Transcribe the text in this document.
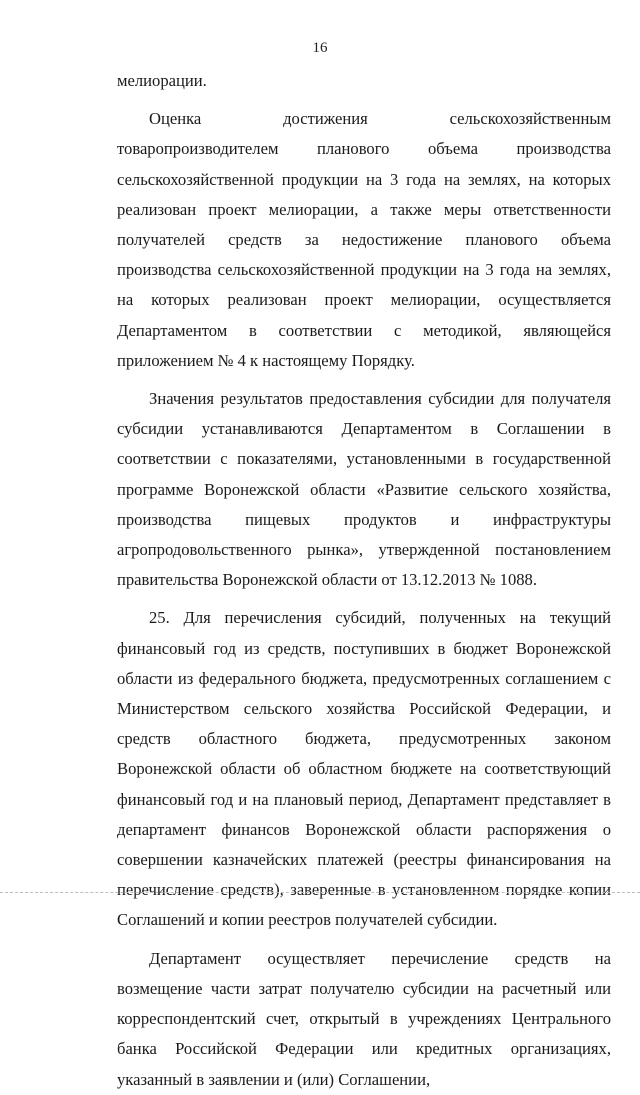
16

мелиорации.

Оценка достижения сельскохозяйственным товаропроизводителем планового объема производства сельскохозяйственной продукции на 3 года на землях, на которых реализован проект мелиорации, а также меры ответственности получателей средств за недостижение планового объема производства сельскохозяйственной продукции на 3 года на землях, на которых реализован проект мелиорации, осуществляется Департаментом в соответствии с методикой, являющейся приложением № 4 к настоящему Порядку.

Значения результатов предоставления субсидии для получателя субсидии устанавливаются Департаментом в Соглашении в соответствии с показателями, установленными в государственной программе Воронежской области «Развитие сельского хозяйства, производства пищевых продуктов и инфраструктуры агропродовольственного рынка», утвержденной постановлением правительства Воронежской области от 13.12.2013 № 1088.

25. Для перечисления субсидий, полученных на текущий финансовый год из средств, поступивших в бюджет Воронежской области из федерального бюджета, предусмотренных соглашением с Министерством сельского хозяйства Российской Федерации, и средств областного бюджета, предусмотренных законом Воронежской области об областном бюджете на соответствующий финансовый год и на плановый период, Департамент представляет в департамент финансов Воронежской области распоряжения о совершении казначейских платежей (реестры финансирования на перечисление средств), заверенные в установленном порядке копии Соглашений и копии реестров получателей субсидии.

Департамент осуществляет перечисление средств на возмещение части затрат получателю субсидии на расчетный или корреспондентский счет, открытый в учреждениях Центрального банка Российской Федерации или кредитных организациях, указанный в заявлении и (или) Соглашении,
